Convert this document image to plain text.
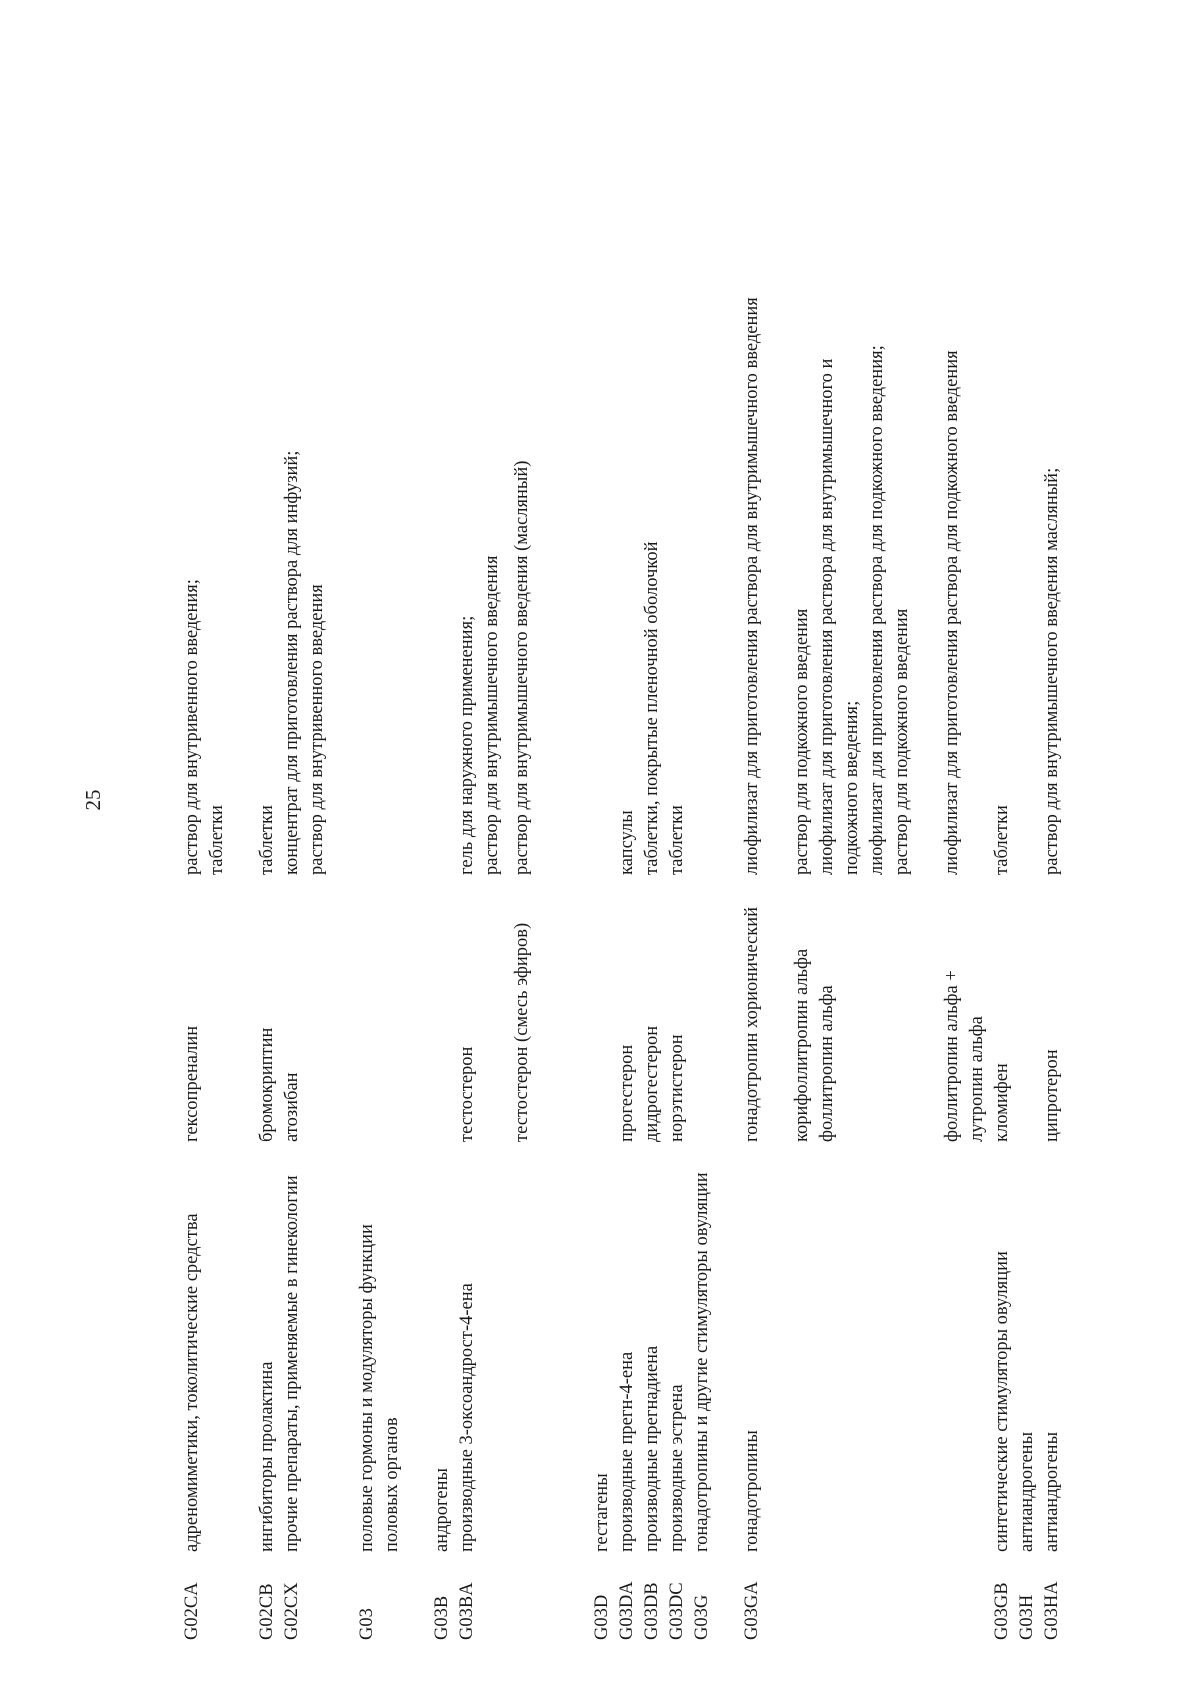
25
G02CA
адреномиметики, токолитические средства
гексопреналин
раствор для внутривенного введения; таблетки
G02CB
ингибиторы пролактина
бромокриптин
таблетки
G02CX
прочие препараты, применяемые в гинекологии
атозибан
концентрат для приготовления раствора для инфузий; раствор для внутривенного введения
G03
половые гормоны и модуляторы функции половых органов
G03B
андрогены
G03BA
производные 3-оксоандрост-4-ена
тестостерон
гель для наружного применения; раствор для внутримышечного введения
тестостерон (смесь эфиров)
раствор для внутримышечного введения (масляный)
G03D
гестагены
G03DA
производные прегн-4-ена
прогестерон
капсулы
G03DB
производные прегнадиена
дидрогестерон
таблетки, покрытые пленочной оболочкой
G03DC
производные эстрена
норэтистерон
таблетки
G03G
гонадотропины и другие стимуляторы овуляции
G03GA
гонадотропины
гонадотропин хорионический
лиофилизат для приготовления раствора для внутримышечного введения
корифоллитропин альфа
раствор для подкожного введения
фоллитропин альфа
лиофилизат для приготовления раствора для внутримышечного и подкожного введения; лиофилизат для приготовления раствора для подкожного введения; раствор для подкожного введения
фоллитропин альфа + лутропин альфа
лиофилизат для приготовления раствора для подкожного введения
G03GB
синтетические стимуляторы овуляции
кломифен
таблетки
G03H
антиандрогены
G03HA
антиандрогены
ципротерон
раствор для внутримышечного введения масляный;
